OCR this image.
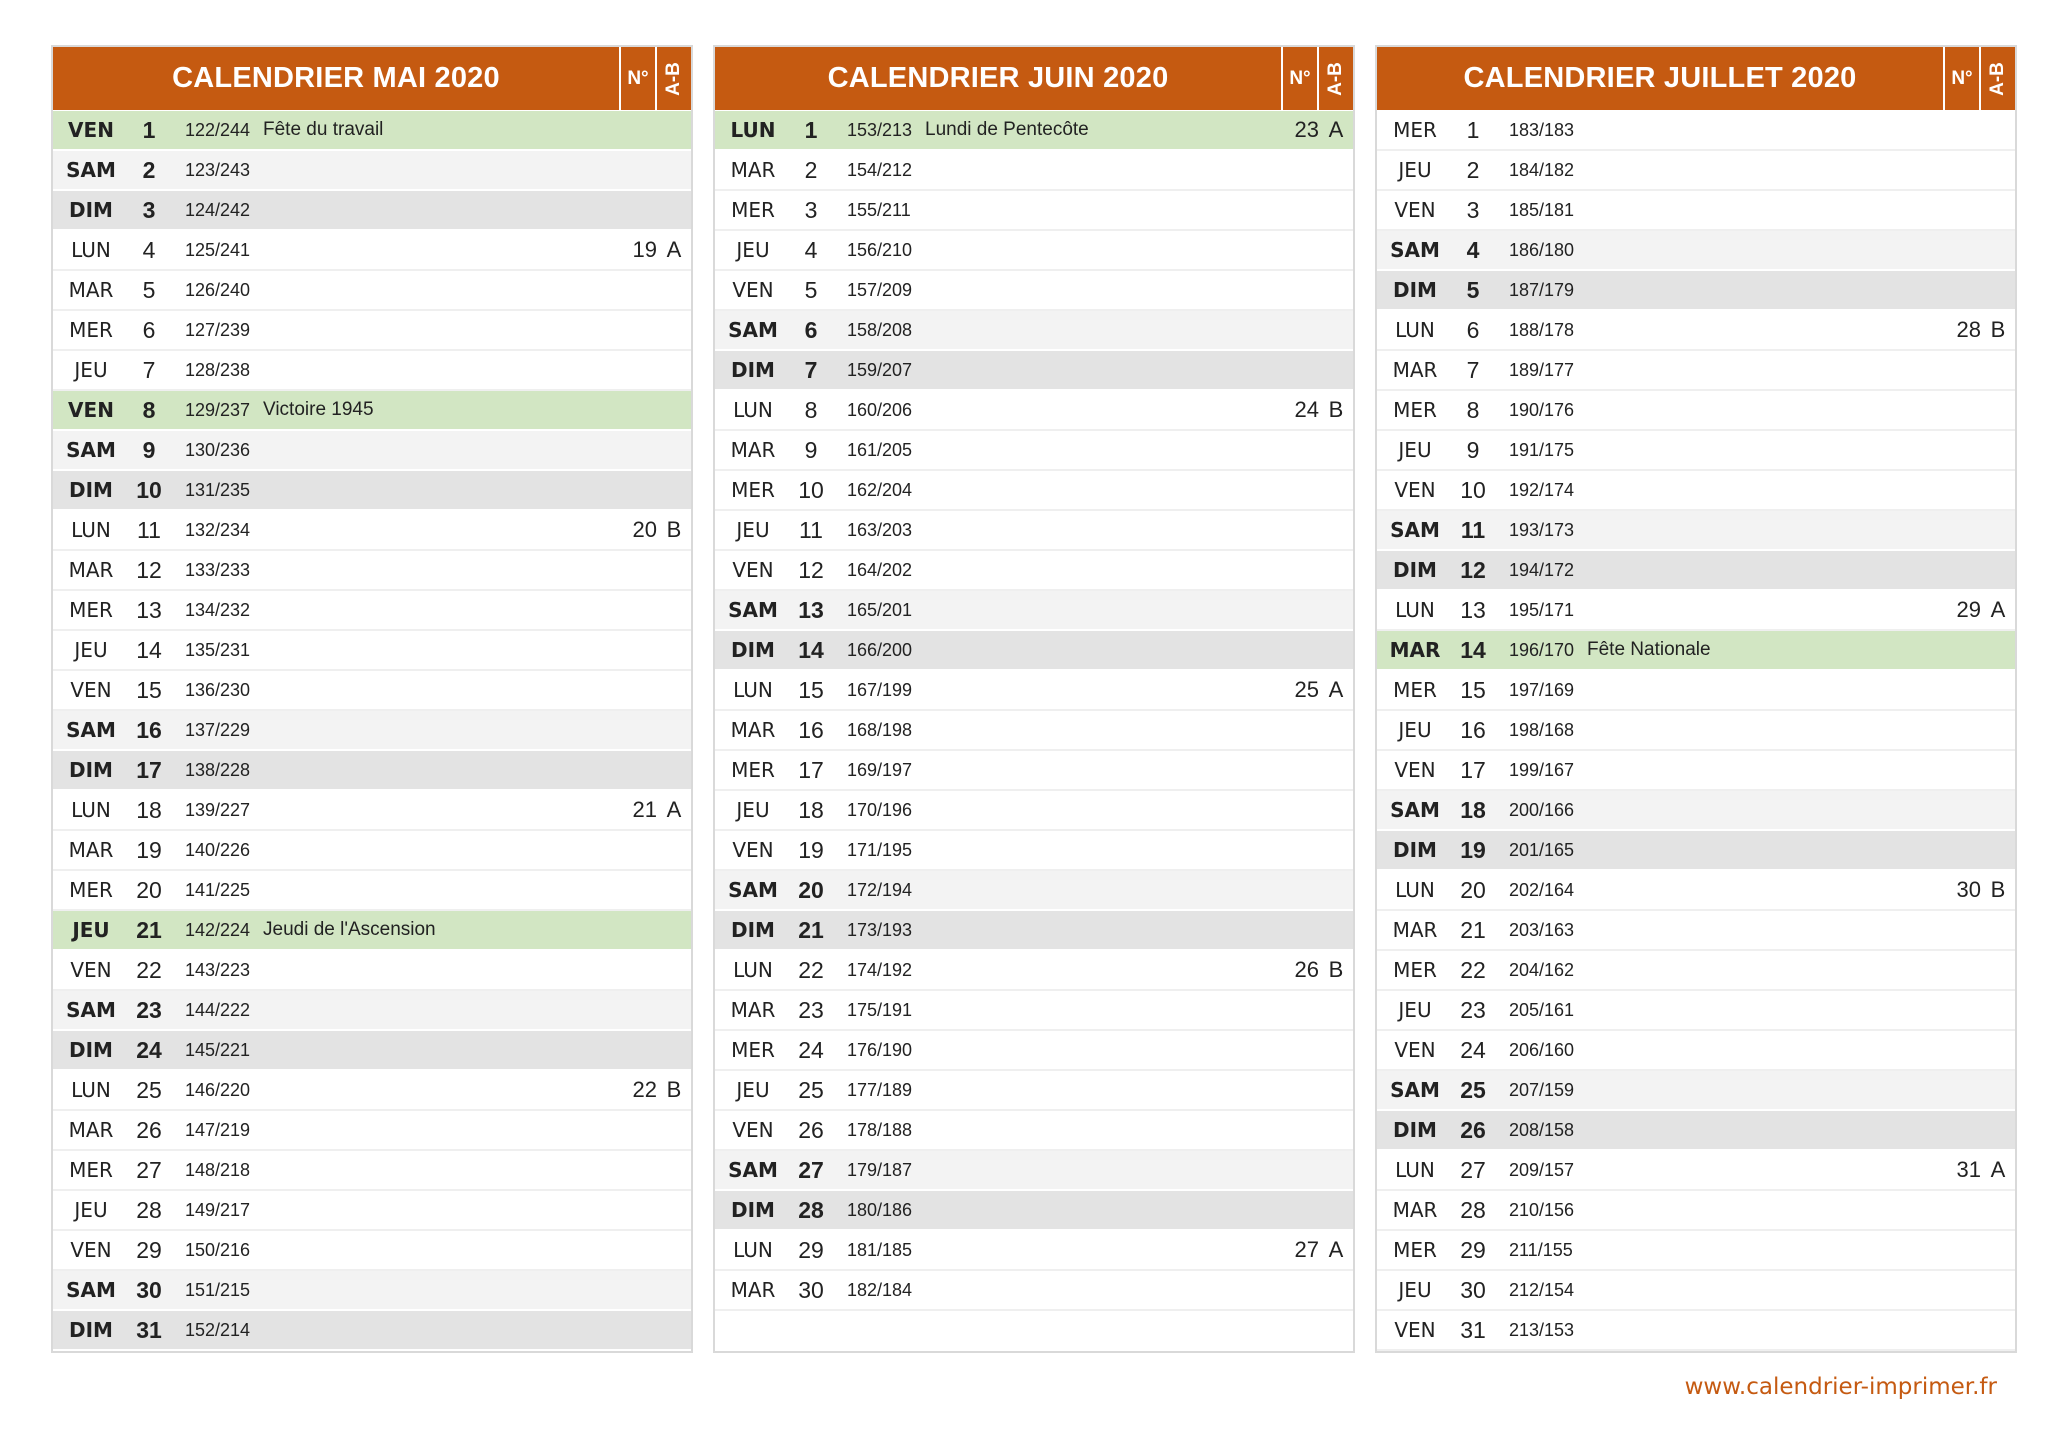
CALENDRIER MAI 2020	N° A-B
VEN	1	122/244 Fête du travail
SAM	2	123/243
DIM	3	124/242
LUN	4	125/241	19 A
MAR	5	126/240
MER	6	127/239
JEU	7	128/238
VEN	8	129/237 Victoire 1945
SAM	9	130/236
DIM	10	131/235
LUN	11	132/234	20 B
MAR 12	133/233
MER	13	134/232
JEU	14	135/231
VEN	15	136/230
SAM 16	137/229
DIM	17	138/228
LUN	18	139/227	21 A
MAR 19	140/226
MER	20	141/225
JEU	21	142/224 Jeudi de l'Ascension
VEN	22	143/223
SAM 23	144/222
DIM	24	145/221
LUN	25	146/220	22 B
MAR 26	147/219
MER	27	148/218
JEU	28	149/217
VEN	29	150/216
SAM 30	151/215
DIM	31	152/214
CALENDRIER JUIN 2020	N° A-B
LUN	1	153/213 Lundi de Pentecôte	23 A
MAR	2	154/212
MER	3	155/211
JEU	4	156/210
VEN	5	157/209
SAM	6	158/208
DIM	7	159/207
LUN	8	160/206	24 B
MAR	9	161/205
MER	10	162/204
JEU	11	163/203
VEN	12	164/202
SAM 13	165/201
DIM	14	166/200
LUN	15	167/199	25 A
MAR 16	168/198
MER	17	169/197
JEU	18	170/196
VEN	19	171/195
SAM 20	172/194
DIM	21	173/193
LUN	22	174/192	26 B
MAR 23	175/191
MER	24	176/190
JEU	25	177/189
VEN	26	178/188
SAM 27	179/187
DIM	28	180/186
LUN	29	181/185	27 A
MAR 30	182/184
CALENDRIER JUILLET 2020	N° A-B
MER	1	183/183
JEU	2	184/182
VEN	3	185/181
SAM	4	186/180
DIM	5	187/179
LUN	6	188/178	28 B
MAR	7	189/177
MER	8	190/176
JEU	9	191/175
VEN	10	192/174
SAM 11	193/173
DIM	12	194/172
LUN	13	195/171	29 A
MAR 14	196/170 Fête Nationale
MER	15	197/169
JEU	16	198/168
VEN	17	199/167
SAM 18	200/166
DIM	19	201/165
LUN	20	202/164	30 B
MAR 21	203/163
MER	22	204/162
JEU	23	205/161
VEN	24	206/160
SAM 25	207/159
DIM	26	208/158
LUN	27	209/157	31 A
MAR 28	210/156
MER	29	211/155
JEU	30	212/154
VEN	31	213/153
www.calendrier-imprimer.fr
